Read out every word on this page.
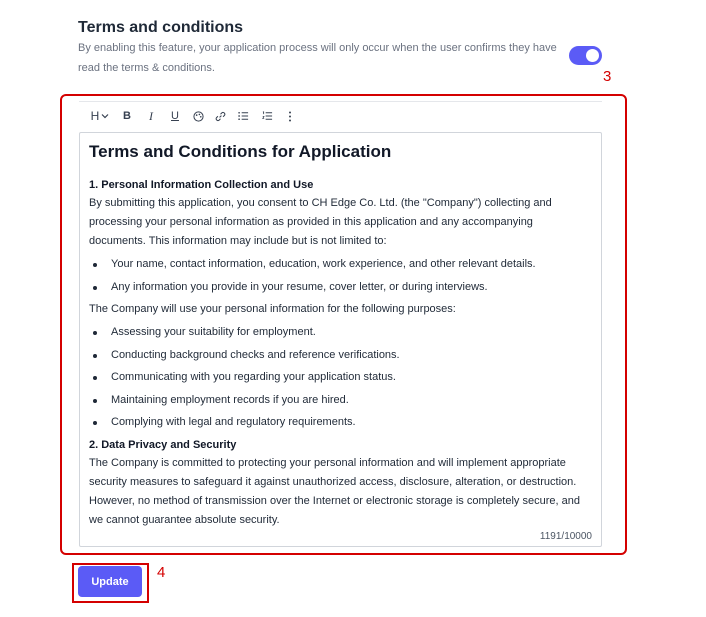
Terms and conditions
By enabling this feature, your application process will only occur when the user confirms they have read the terms & conditions.	3
H B I U
Terms and Conditions for Application
1. Personal Information Collection and Use
By submitting this application, you consent to CH Edge Co. Ltd. (the "Company") collecting and processing your personal information as provided in this application and any accompanying documents. This information may include but is not limited to:
Your name, contact information, education, work experience, and other relevant details.
Any information you provide in your resume, cover letter, or during interviews.
The Company will use your personal information for the following purposes:
Assessing your suitability for employment.
Conducting background checks and reference verifications.
Communicating with you regarding your application status.
Maintaining employment records if you are hired.
Complying with legal and regulatory requirements.
2. Data Privacy and Security
The Company is committed to protecting your personal information and will implement appropriate security measures to safeguard it against unauthorized access, disclosure, alteration, or destruction. However, no method of transmission over the Internet or electronic storage is completely secure, and we cannot guarantee absolute security.
1191/10000
Update
4
